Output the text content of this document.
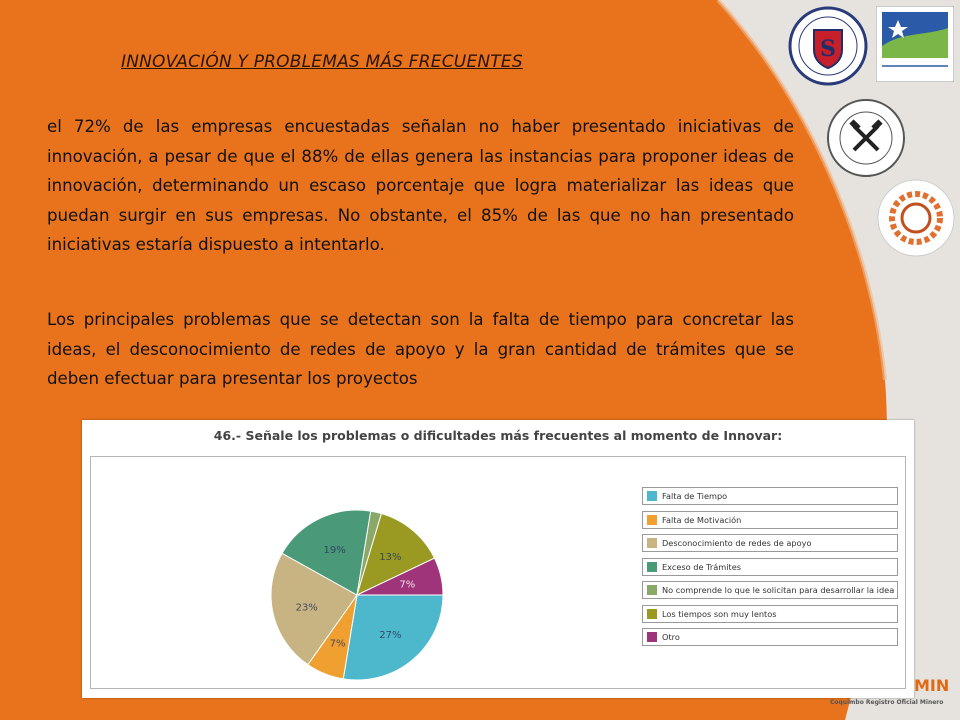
INNOVACIÓN Y PROBLEMAS MÁS FRECUENTES
el 72% de las empresas encuestadas señalan no haber presentado iniciativas de innovación, a pesar de que el 88% de ellas genera las instancias para proponer ideas de innovación, determinando un escaso porcentaje que logra materializar las ideas que puedan surgir en sus empresas. No obstante, el 85% de las que no han presentado iniciativas estaría dispuesto a intentarlo.
Los principales problemas que se detectan son la falta de tiempo para concretar las ideas, el desconocimiento de redes de apoyo y la gran cantidad de trámites que se deben efectuar para presentar los proyectos
S
46.- Señale los problemas o dificultades más frecuentes al momento de Innovar:
27%
7%
23%
19%
13%
7%
Falta de Tiempo
Falta de Motivación
Desconocimiento de redes de apoyo
Exceso de Trámites
No comprende lo que le solicitan para desarrollar la idea
Los tiempos son muy lentos
Otro
MIN
Coquimbo Registro Oficial Minero
